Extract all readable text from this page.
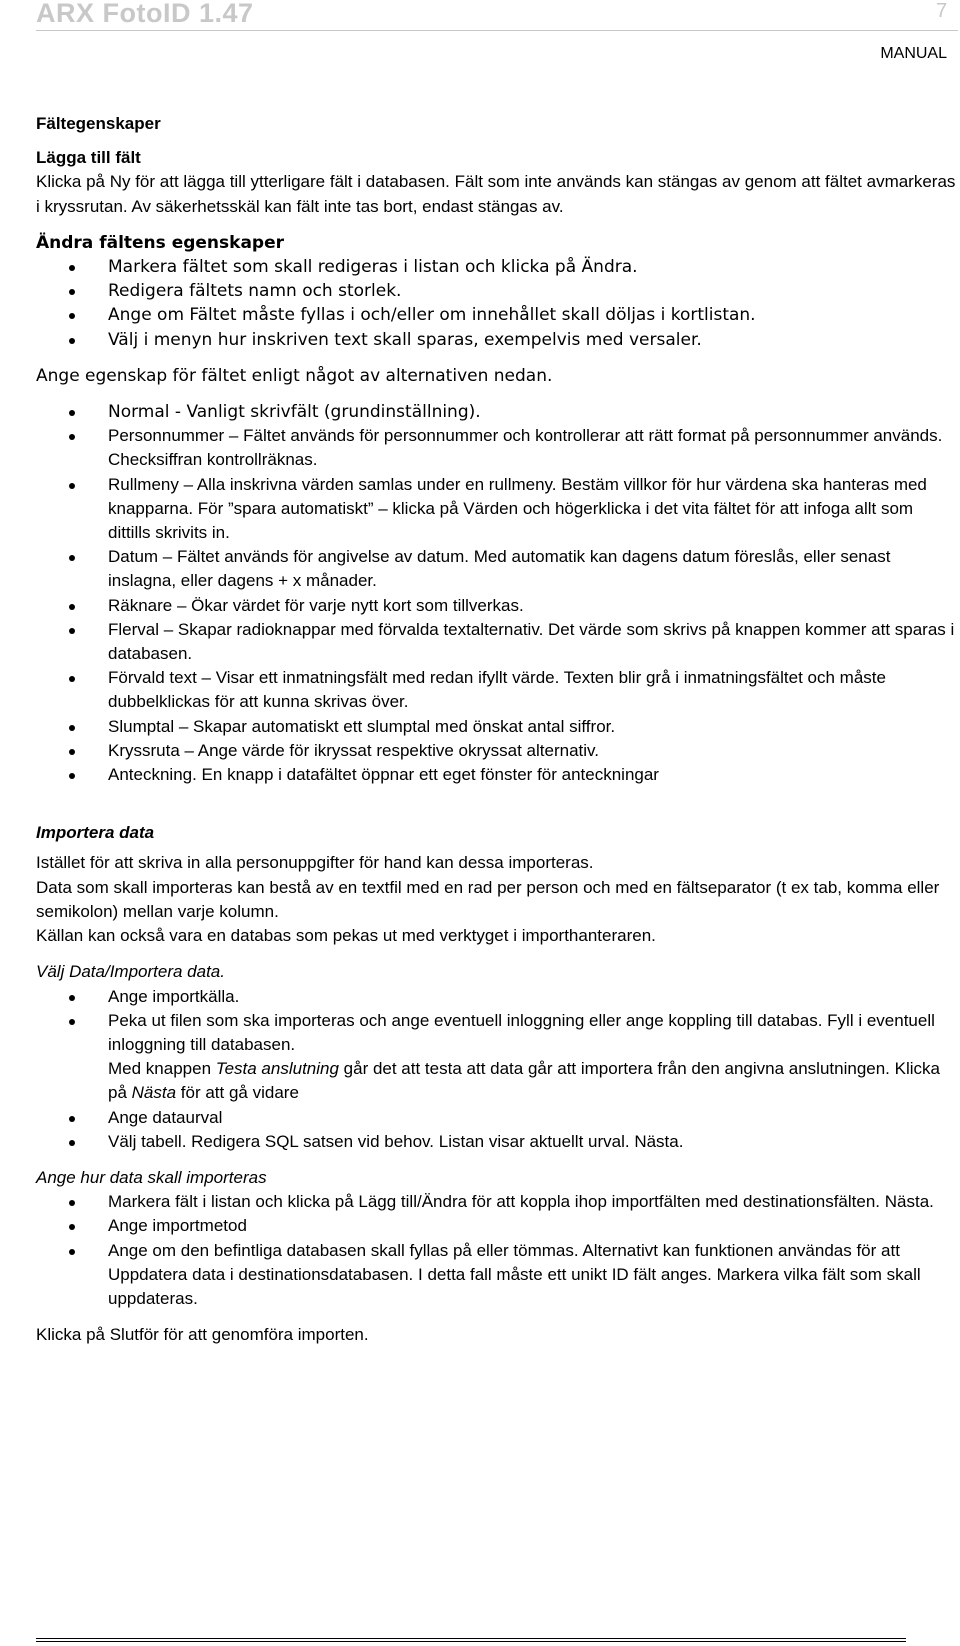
ARX FotoID 1.47	7
MANUAL

Fältegenskaper

Lägga till fält

Klicka på Ny för att lägga till ytterligare fält i databasen. Fält som inte används kan stängas av genom att fältet avmarkeras i kryssrutan. Av säkerhetsskäl kan fält inte tas bort, endast stängas av.

Ändra fältens egenskaper

Markera fältet som skall redigeras i listan och klicka på Ändra.
Redigera fältets namn och storlek.
Ange om Fältet måste fyllas i och/eller om innehållet skall döljas i kortlistan.
Välj i menyn hur inskriven text skall sparas, exempelvis med versaler.

Ange egenskap för fältet enligt något av alternativen nedan.

Normal - Vanligt skrivfält (grundinställning).
Personnummer – Fältet används för personnummer och kontrollerar att rätt format på personnummer används. Checksiffran kontrollräknas.
Rullmeny – Alla inskrivna värden samlas under en rullmeny. Bestäm villkor för hur värdena ska hanteras med knapparna. För ”spara automatiskt” – klicka på Värden och högerklicka i det vita fältet för att infoga allt som dittills skrivits in.
Datum – Fältet används för angivelse av datum. Med automatik kan dagens datum föreslås, eller senast inslagna, eller dagens + x månader.
Räknare – Ökar värdet för varje nytt kort som tillverkas.
Flerval – Skapar radioknappar med förvalda textalternativ. Det värde som skrivs på knappen kommer att sparas i databasen.
Förvald text – Visar ett inmatningsfält med redan ifyllt värde. Texten blir grå i inmatningsfältet och måste dubbelklickas för att kunna skrivas över.
Slumptal – Skapar automatiskt ett slumptal med önskat antal siffror.
Kryssruta – Ange värde för ikryssat respektive okryssat alternativ.
Anteckning. En knapp i datafältet öppnar ett eget fönster för anteckningar

Importera data

Istället för att skriva in alla personuppgifter för hand kan dessa importeras.

Data som skall importeras kan bestå av en textfil med en rad per person och med en fältseparator (t ex tab, komma eller semikolon) mellan varje kolumn.

Källan kan också vara en databas som pekas ut med verktyget i importhanteraren.

Välj Data/Importera data.

Ange importkälla.
Peka ut filen som ska importeras och ange eventuell inloggning eller ange koppling till databas. Fyll i eventuell inloggning till databasen.
Med knappen Testa anslutning går det att testa att data går att importera från den angivna anslutningen. Klicka på Nästa för att gå vidare
Ange dataurval
Välj tabell. Redigera SQL satsen vid behov. Listan visar aktuellt urval. Nästa.

Ange hur data skall importeras

Markera fält i listan och klicka på Lägg till/Ändra för att koppla ihop importfälten med destinationsfälten. Nästa.
Ange importmetod
Ange om den befintliga databasen skall fyllas på eller tömmas. Alternativt kan funktionen användas för att Uppdatera data i destinationsdatabasen. I detta fall måste ett unikt ID fält anges. Markera vilka fält som skall uppdateras.

Klicka på Slutför för att genomföra importen.
